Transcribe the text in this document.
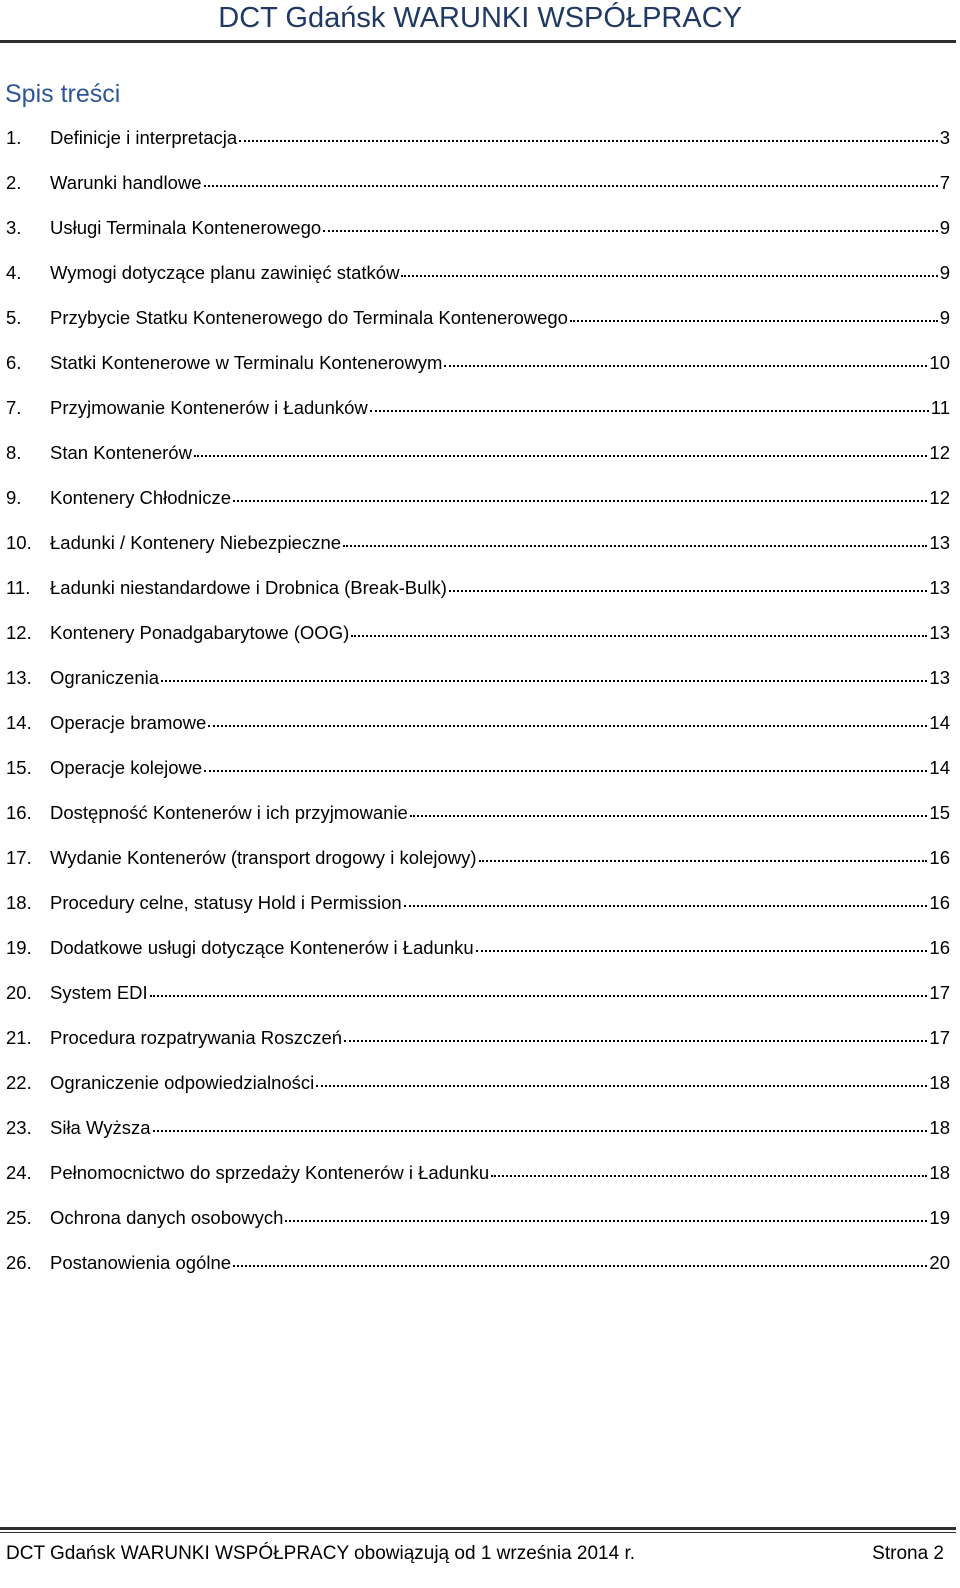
DCT Gdańsk WARUNKI WSPÓŁPRACY
Spis treści
1.	Definicje i interpretacja	3
2.	Warunki handlowe	7
3.	Usługi Terminala Kontenerowego	9
4.	Wymogi dotyczące planu zawinięć statków	9
5.	Przybycie Statku Kontenerowego do Terminala Kontenerowego	9
6.	Statki Kontenerowe w Terminalu Kontenerowym	10
7.	Przyjmowanie Kontenerów i Ładunków	11
8.	Stan Kontenerów	12
9.	Kontenery Chłodnicze	12
10. Ładunki / Kontenery Niebezpieczne	13
11.	Ładunki niestandardowe i Drobnica (Break-Bulk)	13
12. Kontenery Ponadgabarytowe (OOG)	13
13. Ograniczenia	13
14. Operacje bramowe	14
15. Operacje kolejowe	14
16. Dostępność Kontenerów i ich przyjmowanie	15
17. Wydanie Kontenerów (transport drogowy i kolejowy)	16
18. Procedury celne, statusy Hold i Permission	16
19. Dodatkowe usługi dotyczące Kontenerów i Ładunku	16
20. System EDI	17
21. Procedura rozpatrywania Roszczeń	17
22. Ograniczenie odpowiedzialności	18
23. Siła Wyższa	18
24. Pełnomocnictwo do sprzedaży Kontenerów i Ładunku	18
25. Ochrona danych osobowych	19
26. Postanowienia ogólne	20
DCT Gdańsk WARUNKI WSPÓŁPRACY obowiązują od 1 września 2014 r.	Strona 2
